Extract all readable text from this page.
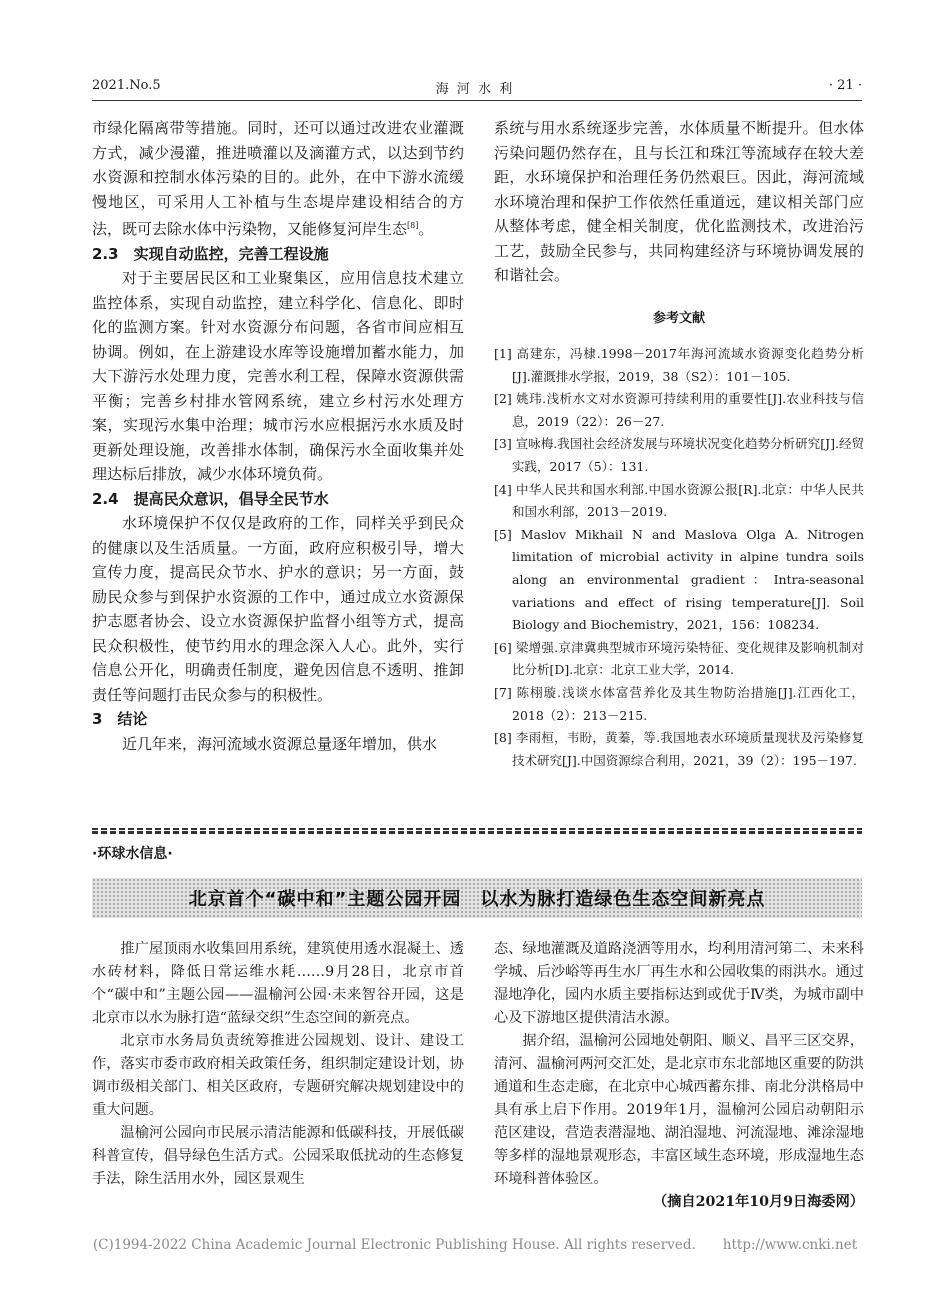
2021.No.5	海 河 水 利	· 21 ·

市绿化隔离带等措施。同时，还可以通过改进农业灌溉方式，减少漫灌，推进喷灌以及滴灌方式，以达到节约水资源和控制水体污染的目的。此外，在中下游水流缓慢地区，可采用人工补植与生态堤岸建设相结合的方法，既可去除水体中污染物，又能修复河岸生态[8]。

2.3　实现自动监控，完善工程设施

对于主要居民区和工业聚集区，应用信息技术建立监控体系，实现自动监控，建立科学化、信息化、即时化的监测方案。针对水资源分布问题，各省市间应相互协调。例如，在上游建设水库等设施增加蓄水能力，加大下游污水处理力度，完善水利工程，保障水资源供需平衡；完善乡村排水管网系统，建立乡村污水处理方案，实现污水集中治理；城市污水应根据污水水质及时更新处理设施，改善排水体制，确保污水全面收集并处理达标后排放，减少水体环境负荷。

2.4　提高民众意识，倡导全民节水

水环境保护不仅仅是政府的工作，同样关乎到民众的健康以及生活质量。一方面，政府应积极引导，增大宣传力度，提高民众节水、护水的意识；另一方面，鼓励民众参与到保护水资源的工作中，通过成立水资源保护志愿者协会、设立水资源保护监督小组等方式，提高民众积极性，使节约用水的理念深入人心。此外，实行信息公开化，明确责任制度，避免因信息不透明、推卸责任等问题打击民众参与的积极性。

3　结论

近几年来，海河流域水资源总量逐年增加，供水

系统与用水系统逐步完善，水体质量不断提升。但水体污染问题仍然存在，且与长江和珠江等流域存在较大差距，水环境保护和治理任务仍然艰巨。因此，海河流域水环境治理和保护工作依然任重道远，建议相关部门应从整体考虑，健全相关制度，优化监测技术，改进治污工艺，鼓励全民参与，共同构建经济与环境协调发展的和谐社会。

参考文献
[1] 高建东，冯棣.1998－2017年海河流域水资源变化趋势分析[J].灌溉排水学报，2019，38（S2）：101－105.
[2] 姚玮.浅析水文对水资源可持续利用的重要性[J].农业科技与信息，2019（22）：26－27.
[3] 宣咏梅.我国社会经济发展与环境状况变化趋势分析研究[J].经贸实践，2017（5）：131.
[4] 中华人民共和国水利部.中国水资源公报[R].北京：中华人民共和国水利部，2013－2019.
[5] Maslov Mikhail N and Maslova Olga A. Nitrogen limitation of microbial activity in alpine tundra soils along an environmental gradient：Intra-seasonal variations and effect of rising temperature[J]. Soil Biology and Biochemistry，2021，156：108234.
[6] 梁增强.京津冀典型城市环境污染特征、变化规律及影响机制对比分析[D].北京：北京工业大学，2014.
[7] 陈栩璇.浅谈水体富营养化及其生物防治措施[J].江西化工，2018（2）：213－215.
[8] 李雨桓，韦盼，黄蓁，等.我国地表水环境质量现状及污染修复技术研究[J].中国资源综合利用，2021，39（2）：195－197.
·环球水信息·
北京首个“碳中和”主题公园开园　以水为脉打造绿色生态空间新亮点

推广屋顶雨水收集回用系统，建筑使用透水混凝土、透水砖材料，降低日常运维水耗……9月28日，北京市首个“碳中和”主题公园——温榆河公园·未来智谷开园，这是北京市以水为脉打造“蓝绿交织”生态空间的新亮点。

北京市水务局负责统筹推进公园规划、设计、建设工作，落实市委市政府相关政策任务，组织制定建设计划，协调市级相关部门、相关区政府，专题研究解决规划建设中的重大问题。

温榆河公园向市民展示清洁能源和低碳科技，开展低碳科普宣传，倡导绿色生活方式。公园采取低扰动的生态修复手法，除生活用水外，园区景观生

态、绿地灌溉及道路浇洒等用水，均利用清河第二、未来科学城、后沙峪等再生水厂再生水和公园收集的雨洪水。通过湿地净化，园内水质主要指标达到或优于Ⅳ类，为城市副中心及下游地区提供清洁水源。

据介绍，温榆河公园地处朝阳、顺义、昌平三区交界，清河、温榆河两河交汇处，是北京市东北部地区重要的防洪通道和生态走廊，在北京中心城西蓄东排、南北分洪格局中具有承上启下作用。2019年1月，温榆河公园启动朝阳示范区建设，营造表潜湿地、湖泊湿地、河流湿地、滩涂湿地等多样的湿地景观形态，丰富区域生态环境，形成湿地生态环境科普体验区。

（摘自2021年10月9日海委网）

(C)1994-2022 China Academic Journal Electronic Publishing House. All rights reserved.　　http://www.cnki.net
